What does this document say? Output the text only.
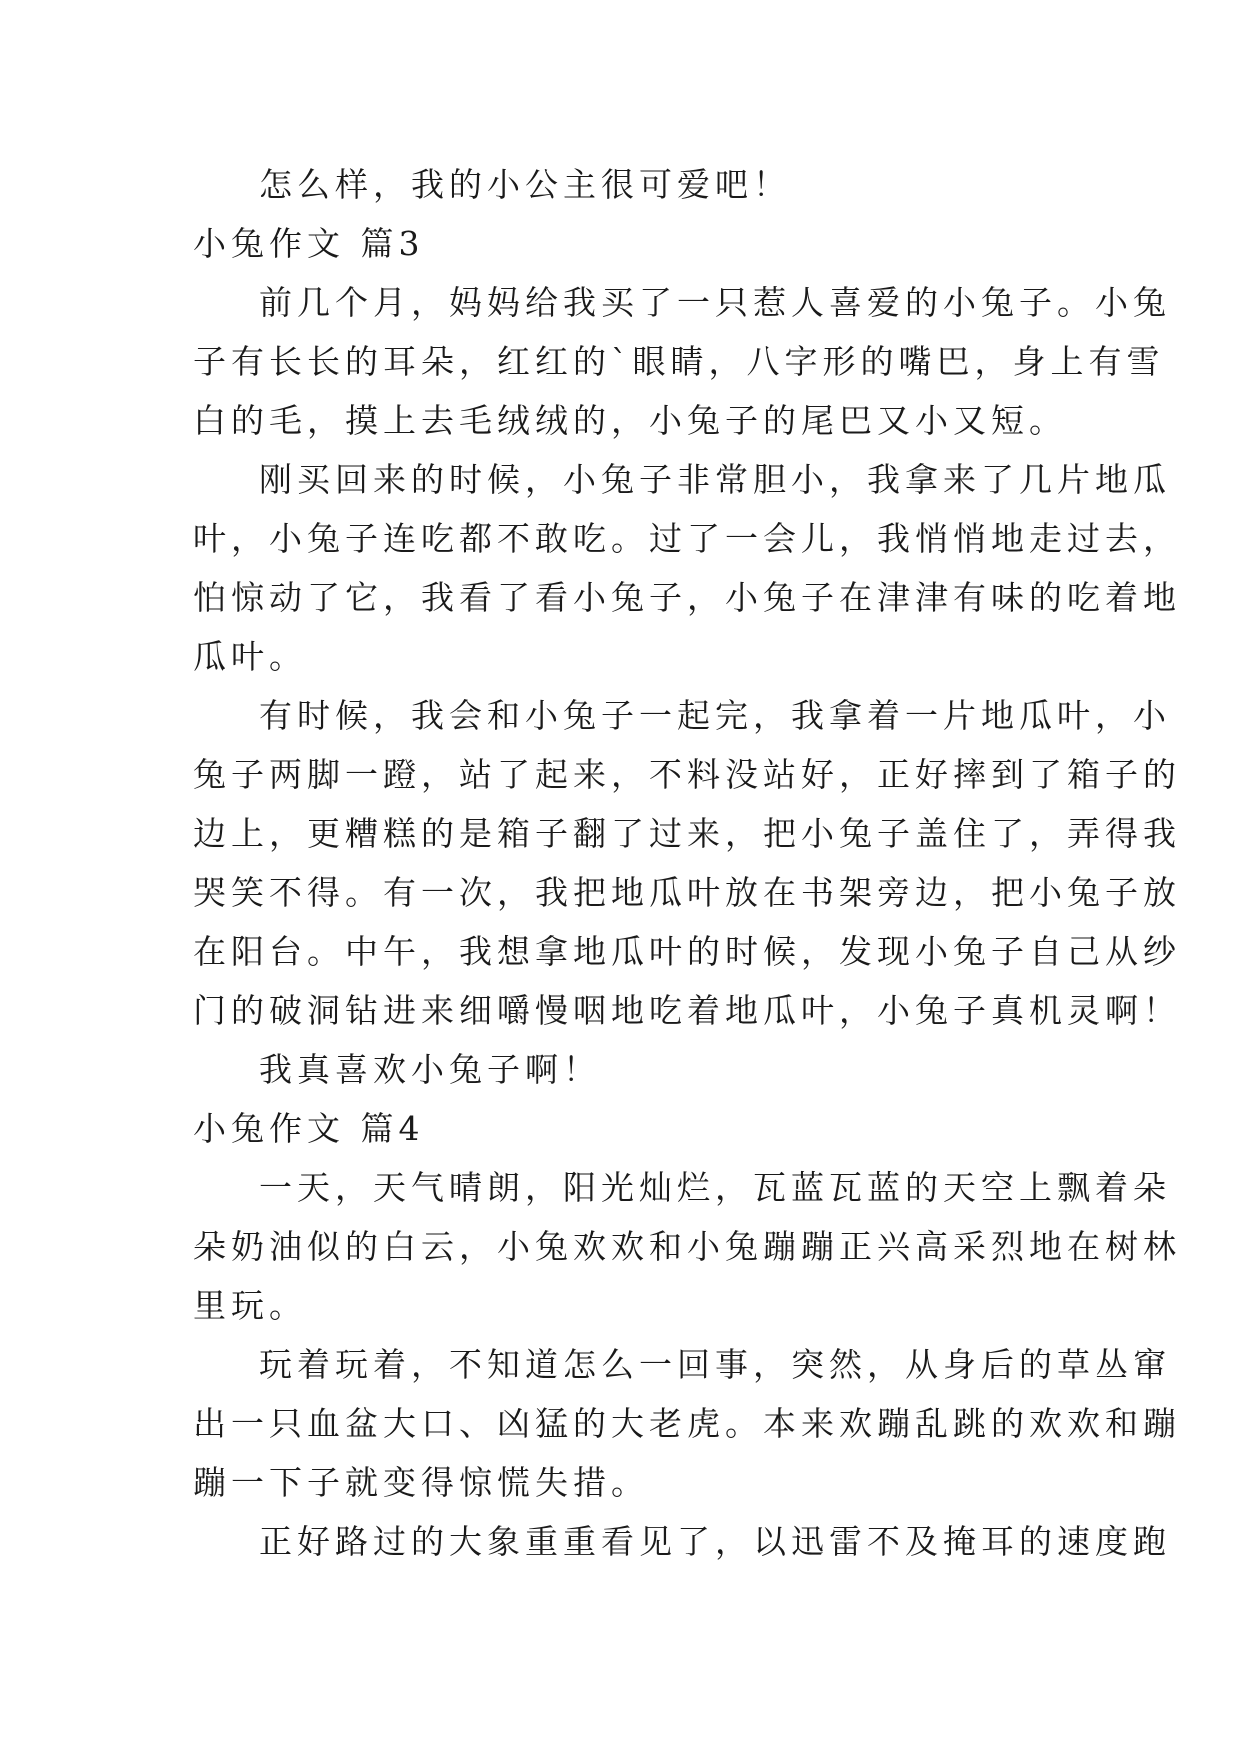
怎么样，我的小公主很可爱吧！
小兔作文 篇3
前几个月，妈妈给我买了一只惹人喜爱的小兔子。小兔
子有长长的耳朵，红红的`眼睛，八字形的嘴巴，身上有雪
白的毛，摸上去毛绒绒的，小兔子的尾巴又小又短。
刚买回来的时候，小兔子非常胆小，我拿来了几片地瓜
叶，小兔子连吃都不敢吃。过了一会儿，我悄悄地走过去，
怕惊动了它，我看了看小兔子，小兔子在津津有味的吃着地
瓜叶。
有时候，我会和小兔子一起完，我拿着一片地瓜叶，小
兔子两脚一蹬，站了起来，不料没站好，正好摔到了箱子的
边上，更糟糕的是箱子翻了过来，把小兔子盖住了，弄得我
哭笑不得。有一次，我把地瓜叶放在书架旁边，把小兔子放
在阳台。中午，我想拿地瓜叶的时候，发现小兔子自己从纱
门的破洞钻进来细嚼慢咽地吃着地瓜叶，小兔子真机灵啊！
我真喜欢小兔子啊！
小兔作文 篇4
一天，天气晴朗，阳光灿烂，瓦蓝瓦蓝的天空上飘着朵
朵奶油似的白云，小兔欢欢和小兔蹦蹦正兴高采烈地在树林
里玩。
玩着玩着，不知道怎么一回事，突然，从身后的草丛窜
出一只血盆大口、凶猛的大老虎。本来欢蹦乱跳的欢欢和蹦
蹦一下子就变得惊慌失措。
正好路过的大象重重看见了，以迅雷不及掩耳的速度跑
